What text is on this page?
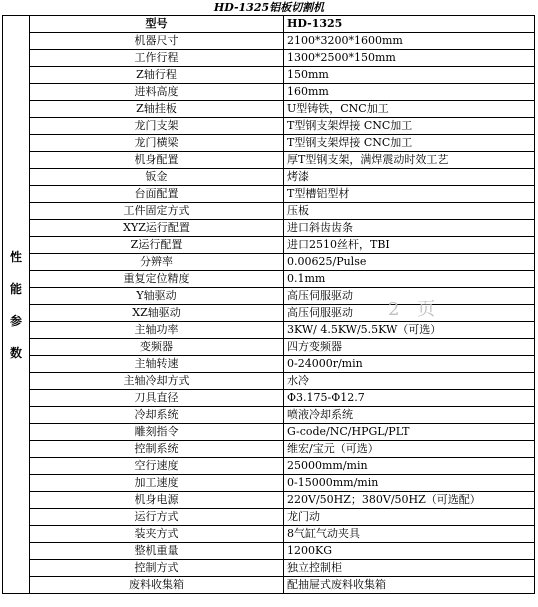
HD-1325铝板切割机
性
能
参
数	型号	HD-1325
	机器尺寸	2100*3200*1600mm
	工作行程	1300*2500*150mm
	Z轴行程	150mm
	进料高度	160mm
	Z轴挂板	U型铸铁，CNC加工
	龙门支架	T型钢支架焊接 CNC加工
	龙门横梁	T型钢支架焊接 CNC加工
	机身配置	厚T型钢支架，满焊震动时效工艺
	钣金	烤漆
	台面配置	T型槽铝型材
	工件固定方式	压板
	XYZ运行配置	进口斜齿齿条
	Z运行配置	进口2510丝杆，TBI
	分辨率	0.00625/Pulse
	重复定位精度	0.1mm
	Y轴驱动	高压伺服驱动
	XZ轴驱动	高压伺服驱动
	主轴功率	3KW/ 4.5KW/5.5KW（可选）
	变频器	四方变频器
	主轴转速	0-24000r/min
	主轴冷却方式	水冷
	刀具直径	Φ3.175-Φ12.7
	冷却系统	喷液冷却系统
	雕刻指令	G-code/NC/HPGL/PLT
	控制系统	维宏/宝元（可选）
	空行速度	25000mm/min
	加工速度	0-15000mm/min
	机身电源	220V/50HZ；380V/50HZ（可选配）
	运行方式	龙门动
	装夹方式	8气缸气动夹具
	整机重量	1200KG
	控制方式	独立控制柜
	废料收集箱	配抽屉式废料收集箱
2 页
